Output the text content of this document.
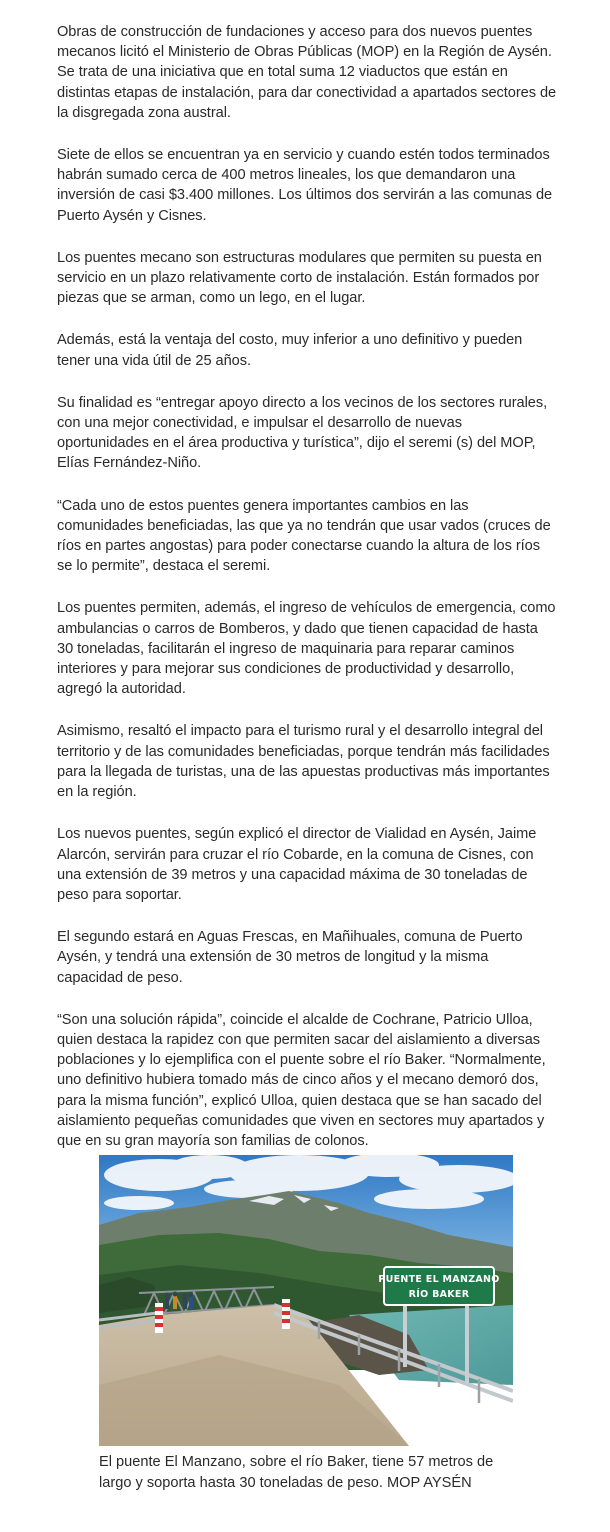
Obras de construcción de fundaciones y acceso para dos nuevos puentes mecanos licitó el Ministerio de Obras Públicas (MOP) en la Región de Aysén. Se trata de una iniciativa que en total suma 12 viaductos que están en distintas etapas de instalación, para dar conectividad a apartados sectores de la disgregada zona austral.

Siete de ellos se encuentran ya en servicio y cuando estén todos terminados habrán sumado cerca de 400 metros lineales, los que demandaron una inversión de casi $3.400 millones. Los últimos dos servirán a las comunas de Puerto Aysén y Cisnes.

Los puentes mecano son estructuras modulares que permiten su puesta en servicio en un plazo relativamente corto de instalación. Están formados por piezas que se arman, como un lego, en el lugar.

Además, está la ventaja del costo, muy inferior a uno definitivo y pueden tener una vida útil de 25 años.

Su finalidad es “entregar apoyo directo a los vecinos de los sectores rurales, con una mejor conectividad, e impulsar el desarrollo de nuevas oportunidades en el área productiva y turística”, dijo el seremi (s) del MOP, Elías Fernández-Niño.

“Cada uno de estos puentes genera importantes cambios en las comunidades beneficiadas, las que ya no tendrán que usar vados (cruces de ríos en partes angostas) para poder conectarse cuando la altura de los ríos se lo permite”, destaca el seremi.

Los puentes permiten, además, el ingreso de vehículos de emergencia, como ambulancias o carros de Bomberos, y dado que tienen capacidad de hasta 30 toneladas, facilitarán el ingreso de maquinaria para reparar caminos interiores y para mejorar sus condiciones de productividad y desarrollo, agregó la autoridad.

Asimismo, resaltó el impacto para el turismo rural y el desarrollo integral del territorio y de las comunidades beneficiadas, porque tendrán más facilidades para la llegada de turistas, una de las apuestas productivas más importantes en la región.

Los nuevos puentes, según explicó el director de Vialidad en Aysén, Jaime Alarcón, servirán para cruzar el río Cobarde, en la comuna de Cisnes, con una extensión de 39 metros y una capacidad máxima de 30 toneladas de peso para soportar.

El segundo estará en Aguas Frescas, en Mañihuales, comuna de Puerto Aysén, y tendrá una extensión de 30 metros de longitud y la misma capacidad de peso.

“Son una solución rápida”, coincide el alcalde de Cochrane, Patricio Ulloa, quien destaca la rapidez con que permiten sacar del aislamiento a diversas poblaciones y lo ejemplifica con el puente sobre el río Baker. “Normalmente, uno definitivo hubiera tomado más de cinco años y el mecano demoró dos, para la misma función”, explicó Ulloa, quien destaca que se han sacado del aislamiento pequeñas comunidades que viven en sectores muy apartados y que en su gran mayoría son familias de colonos.

PUENTE EL MANZANO
RÍO BAKER
El puente El Manzano, sobre el río Baker, tiene 57 metros de largo y soporta hasta 30 toneladas de peso. MOP AYSÉN
